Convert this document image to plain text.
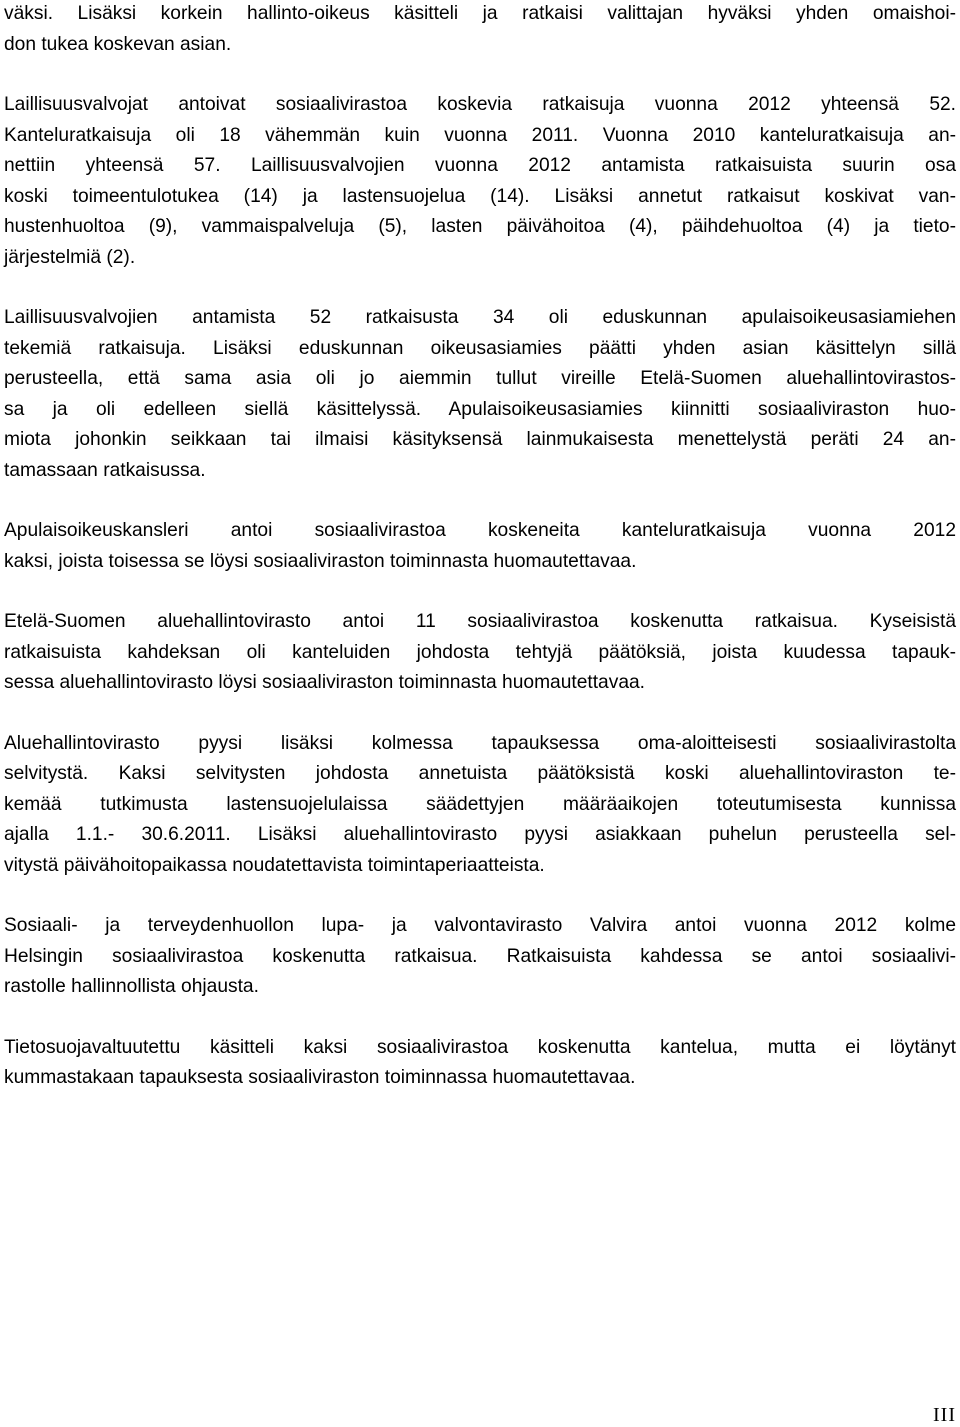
väksi. Lisäksi korkein hallinto-oikeus käsitteli ja ratkaisi valittajan hyväksi yhden omaishoi-
don tukea koskevan asian.
Laillisuusvalvojat antoivat sosiaalivirastoa koskevia ratkaisuja vuonna 2012 yhteensä 52.
Kanteluratkaisuja oli 18 vähemmän kuin vuonna 2011. Vuonna 2010 kanteluratkaisuja an-
nettiin yhteensä 57. Laillisuusvalvojien vuonna 2012 antamista ratkaisuista suurin osa
koski toimeentulotukea (14) ja lastensuojelua (14). Lisäksi annetut ratkaisut koskivat van-
hustenhuoltoa (9), vammaispalveluja (5), lasten päivähoitoa (4), päihdehuoltoa (4) ja tieto-
järjestelmiä (2).
Laillisuusvalvojien antamista 52 ratkaisusta 34 oli eduskunnan apulaisoikeusasiamiehen
tekemiä ratkaisuja. Lisäksi eduskunnan oikeusasiamies päätti yhden asian käsittelyn sillä
perusteella, että sama asia oli jo aiemmin tullut vireille Etelä-Suomen aluehallintovirastos-
sa ja oli edelleen siellä käsittelyssä. Apulaisoikeusasiamies kiinnitti sosiaaliviraston huo-
miota johonkin seikkaan tai ilmaisi käsityksensä lainmukaisesta menettelystä peräti 24 an-
tamassaan ratkaisussa.
Apulaisoikeuskansleri antoi sosiaalivirastoa koskeneita kanteluratkaisuja vuonna 2012
kaksi, joista toisessa se löysi sosiaaliviraston toiminnasta huomautettavaa.
Etelä-Suomen aluehallintovirasto antoi 11 sosiaalivirastoa koskenutta ratkaisua. Kyseisistä
ratkaisuista kahdeksan oli kanteluiden johdosta tehtyjä päätöksiä, joista kuudessa tapauk-
sessa aluehallintovirasto löysi sosiaaliviraston toiminnasta huomautettavaa.
Aluehallintovirasto pyysi lisäksi kolmessa tapauksessa oma-aloitteisesti sosiaalivirastolta
selvitystä. Kaksi selvitysten johdosta annetuista päätöksistä koski aluehallintoviraston te-
kemää tutkimusta lastensuojelulaissa säädettyjen määräaikojen toteutumisesta kunnissa
ajalla 1.1.- 30.6.2011. Lisäksi aluehallintovirasto pyysi asiakkaan puhelun perusteella sel-
vitystä päivähoitopaikassa noudatettavista toimintaperiaatteista.
Sosiaali- ja terveydenhuollon lupa- ja valvontavirasto Valvira antoi vuonna 2012 kolme
Helsingin sosiaalivirastoa koskenutta ratkaisua. Ratkaisuista kahdessa se antoi sosiaalivi-
rastolle hallinnollista ohjausta.
Tietosuojavaltuutettu käsitteli kaksi sosiaalivirastoa koskenutta kantelua, mutta ei löytänyt
kummastakaan tapauksesta sosiaaliviraston toiminnassa huomautettavaa.
III
